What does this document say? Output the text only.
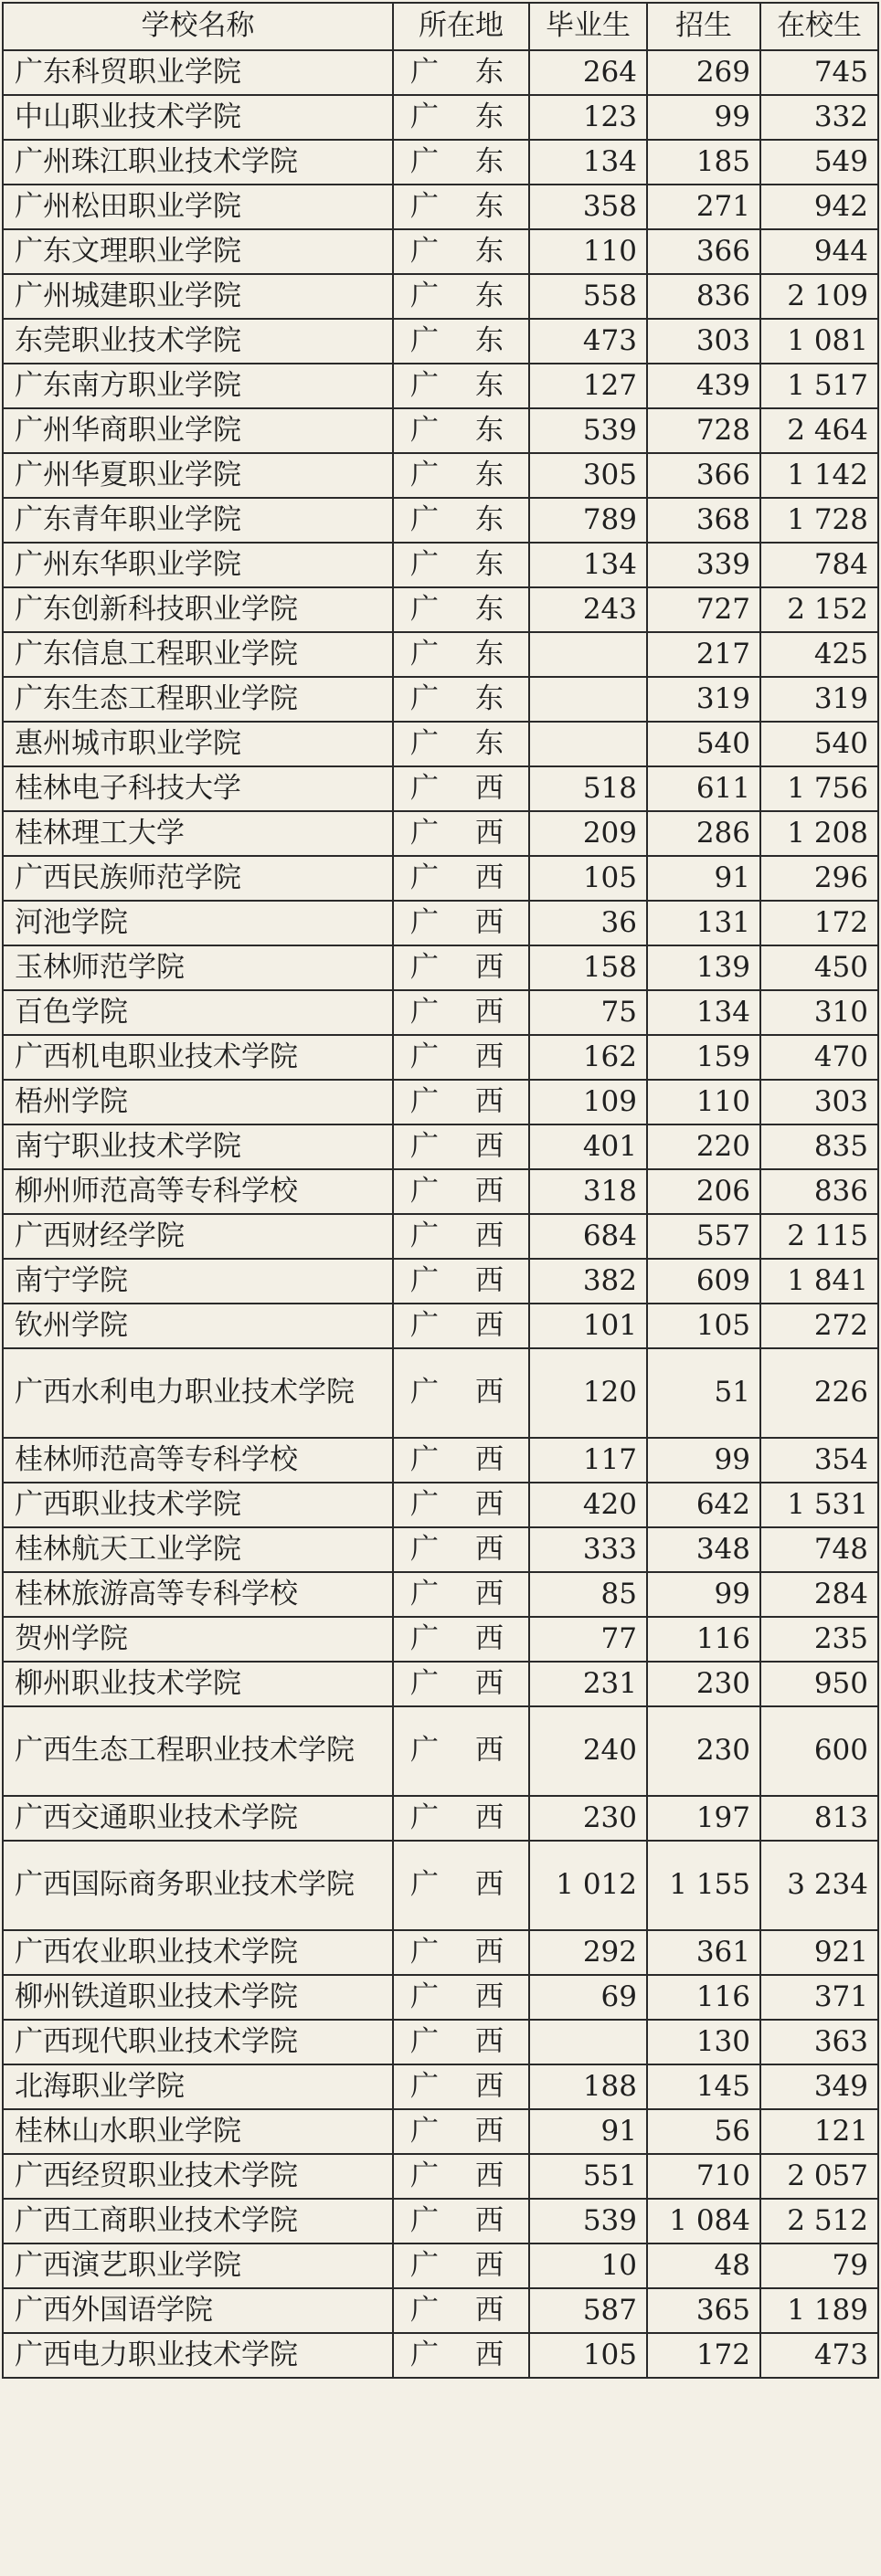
学校名称	所在地	毕业生	招生	在校生
广东科贸职业学院	广 东	264	269	745
中山职业技术学院	广 东	123	99	332
广州珠江职业技术学院	广 东	134	185	549
广州松田职业学院	广 东	358	271	942
广东文理职业学院	广 东	110	366	944
广州城建职业学院	广 东	558	836	2 109
东莞职业技术学院	广 东	473	303	1 081
广东南方职业学院	广 东	127	439	1 517
广州华商职业学院	广 东	539	728	2 464
广州华夏职业学院	广 东	305	366	1 142
广东青年职业学院	广 东	789	368	1 728
广州东华职业学院	广 东	134	339	784
广东创新科技职业学院	广 东	243	727	2 152
广东信息工程职业学院	广 东		217	425
广东生态工程职业学院	广 东		319	319
惠州城市职业学院	广 东		540	540
桂林电子科技大学	广 西	518	611	1 756
桂林理工大学	广 西	209	286	1 208
广西民族师范学院	广 西	105	91	296
河池学院	广 西	36	131	172
玉林师范学院	广 西	158	139	450
百色学院	广 西	75	134	310
广西机电职业技术学院	广 西	162	159	470
梧州学院	广 西	109	110	303
南宁职业技术学院	广 西	401	220	835
柳州师范高等专科学校	广 西	318	206	836
广西财经学院	广 西	684	557	2 115
南宁学院	广 西	382	609	1 841
钦州学院	广 西	101	105	272
广西水利电力职业技术学院	广 西	120	51	226
桂林师范高等专科学校	广 西	117	99	354
广西职业技术学院	广 西	420	642	1 531
桂林航天工业学院	广 西	333	348	748
桂林旅游高等专科学校	广 西	85	99	284
贺州学院	广 西	77	116	235
柳州职业技术学院	广 西	231	230	950
广西生态工程职业技术学院	广 西	240	230	600
广西交通职业技术学院	广 西	230	197	813
广西国际商务职业技术学院	广 西	1 012	1 155	3 234
广西农业职业技术学院	广 西	292	361	921
柳州铁道职业技术学院	广 西	69	116	371
广西现代职业技术学院	广 西		130	363
北海职业学院	广 西	188	145	349
桂林山水职业学院	广 西	91	56	121
广西经贸职业技术学院	广 西	551	710	2 057
广西工商职业技术学院	广 西	539	1 084	2 512
广西演艺职业学院	广 西	10	48	79
广西外国语学院	广 西	587	365	1 189
广西电力职业技术学院	广 西	105	172	473
